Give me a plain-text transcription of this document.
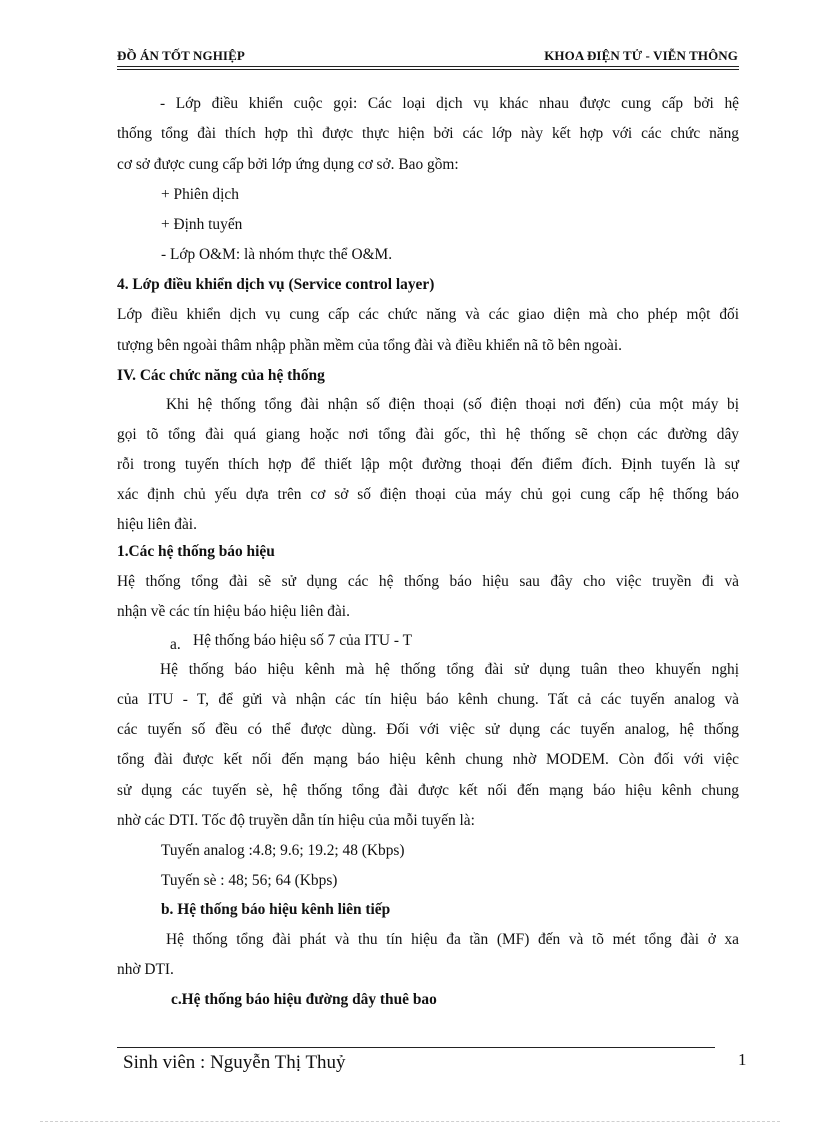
ĐỒ ÁN TỐT NGHIỆP	KHOA ĐIỆN TỬ - VIỄN THÔNG
- Lớp điều khiển cuộc gọi: Các loại dịch vụ khác nhau được cung cấp bởi hệ
thống tổng đài thích hợp thì được thực hiện bởi các lớp này kết hợp với các chức năng
cơ sở được cung cấp bởi lớp ứng dụng cơ sở. Bao gồm:
+ Phiên dịch
+ Định tuyến
- Lớp O&M: là nhóm thực thể O&M.
4. Lớp điều khiển dịch vụ (Service control layer)
Lớp điều khiển dịch vụ cung cấp các chức năng và các giao diện mà cho phép một đối
tượng bên ngoài thâm nhập phần mềm của tổng đài và điều khiển nã tõ bên ngoài.
IV. Các chức năng của hệ thống
Khi hệ thống tổng đài nhận số điện thoại (số điện thoại nơi đến) của một máy bị
gọi tõ tổng đài quá giang hoặc nơi tổng đài gốc, thì hệ thống sẽ chọn các đường dây
rỗi trong tuyến thích hợp để thiết lập một đường thoại đến điểm đích. Định tuyến là sự
xác định chủ yếu dựa trên cơ sở số điện thoại của máy chủ gọi cung cấp hệ thống báo
hiệu liên đài.
1.Các hệ thống báo hiệu
Hệ thống tổng đài sẽ sử dụng các hệ thống báo hiệu sau đây cho việc truyền đi và
nhận về các tín hiệu báo hiệu liên đài.
a. Hệ thống báo hiệu số 7 của ITU - T
Hệ thống báo hiệu kênh mà hệ thống tổng đài sử dụng tuân theo khuyến nghị
của ITU - T, để gửi và nhận các tín hiệu báo kênh chung. Tất cả các tuyến analog và
các tuyến số đều có thể được dùng. Đối với việc sử dụng các tuyến analog, hệ thống
tổng đài được kết nối đến mạng báo hiệu kênh chung nhờ MODEM. Còn đối với việc
sử dụng các tuyến sè, hệ thống tổng đài được kết nối đến mạng báo hiệu kênh chung
nhờ các DTI. Tốc độ truyền dẫn tín hiệu của mỗi tuyến là:
Tuyến analog :4.8; 9.6; 19.2; 48 (Kbps)
Tuyến sè : 48; 56; 64 (Kbps)
b. Hệ thống báo hiệu kênh liên tiếp
Hệ thống tổng đài phát và thu tín hiệu đa tần (MF) đến và tõ mét tổng đài ở xa
nhờ DTI.
c.Hệ thống báo hiệu đường dây thuê bao
Sinh viên : Nguyễn Thị Thuỷ	1
